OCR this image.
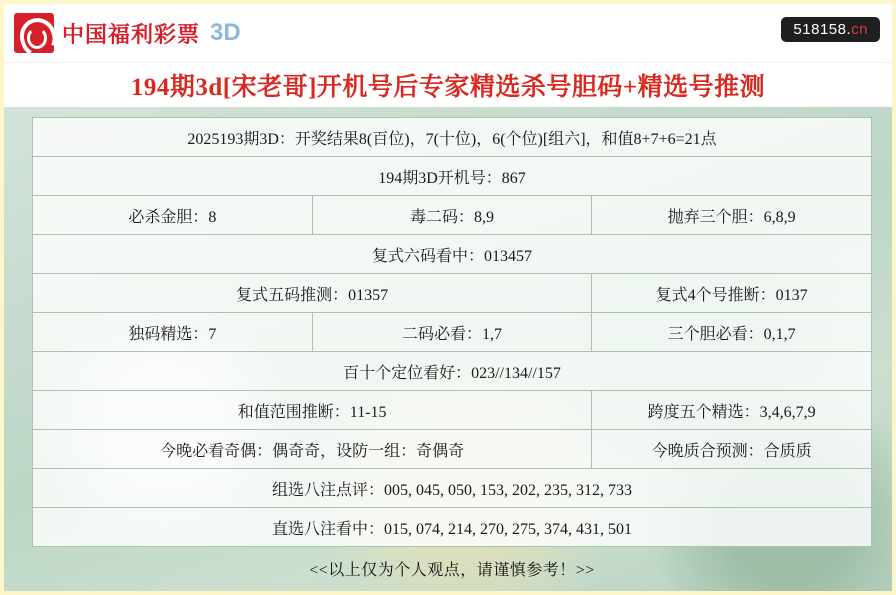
中国福利彩票 3D	518158.cn
194期3d[宋老哥]开机号后专家精选杀号胆码+精选号推测
2025193期3D：开奖结果8(百位)，7(十位)，6(个位)[组六]，和值8+7+6=21点		
194期3D开机号：867		
必杀金胆：8	毒二码：8,9	抛弃三个胆：6,8,9
复式六码看中：013457		
复式五码推测：01357		复式4个号推断：0137
独码精选：7	二码必看：1,7	三个胆必看：0,1,7
百十个定位看好：023//134//157		
和值范围推断：11-15		跨度五个精选：3,4,6,7,9
今晚必看奇偶：偶奇奇，设防一组：奇偶奇		今晚质合预测：合质质
组选八注点评：005, 045, 050, 153, 202, 235, 312, 733		
直选八注看中：015, 074, 214, 270, 275, 374, 431, 501		
<<以上仅为个人观点，请谨慎参考！>>
